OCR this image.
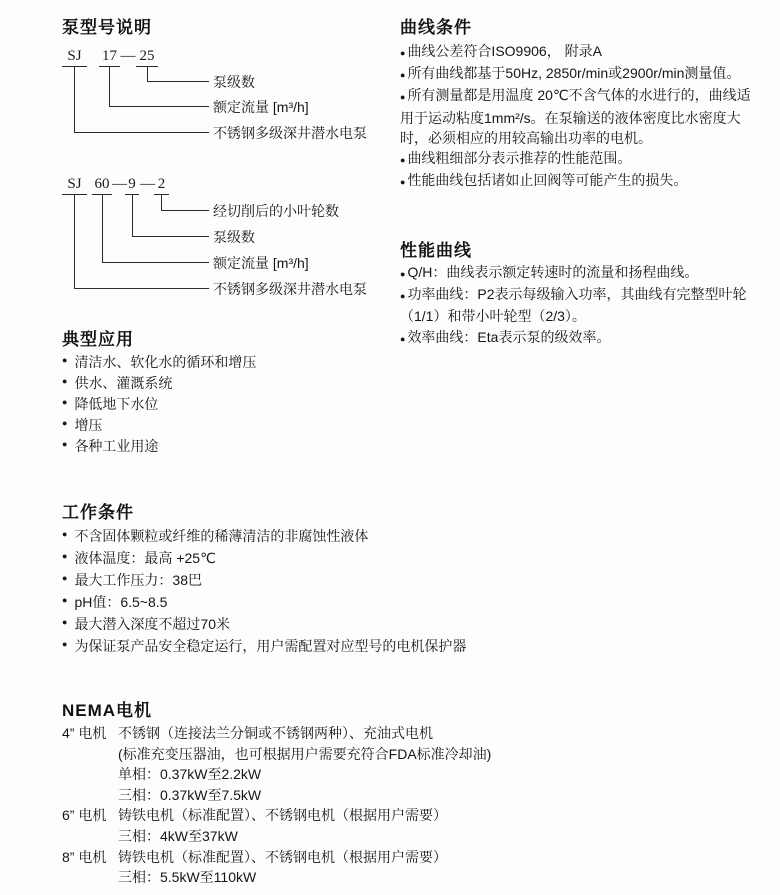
泵型号说明
SJ	17 — 25
泵级数
额定流量 [m³/h]
不锈钢多级深井潜水电泵
SJ 60 — 9 — 2
经切削后的小叶轮数
泵级数
额定流量 [m³/h]
不锈钢多级深井潜水电泵
典型应用
● 清洁水、软化水的循环和增压
● 供水、灌溉系统
● 降低地下水位
● 增压
● 各种工业用途
工作条件
● 不含固体颗粒或纤维的稀薄清洁的非腐蚀性液体
● 液体温度：最高 +25℃
● 最大工作压力：38巴
● pH值：6.5~8.5
● 最大潜入深度不超过70米
● 为保证泵产品安全稳定运行，用户需配置对应型号的电机保护器
NEMA电机
4” 电机 不锈钢（连接法兰分铜或不锈钢两种）、充油式电机
(标准充变压器油，也可根据用户需要充符合FDA标准冷却油)
单相：0.37kW至2.2kW
三相：0.37kW至7.5kW
6” 电机 铸铁电机（标准配置）、不锈钢电机（根据用户需要）
三相：4kW至37kW
8” 电机 铸铁电机（标准配置）、不锈钢电机（根据用户需要）
三相：5.5kW至110kW
曲线条件
● 曲线公差符合ISO9906， 附录A
● 所有曲线都基于50Hz, 2850r/min或2900r/min测量值。
● 所有测量都是用温度 20℃不含气体的水进行的，曲线适用于运动粘度1mm²/s。在泵输送的液体密度比水密度大时，必须相应的用较高输出功率的电机。
● 曲线粗细部分表示推荐的性能范围。
● 性能曲线包括诸如止回阀等可能产生的损失。
性能曲线
● Q/H：曲线表示额定转速时的流量和扬程曲线。
● 功率曲线：P2表示每级输入功率，其曲线有完整型叶轮（1/1）和带小叶轮型（2/3）。
● 效率曲线：Eta表示泵的级效率。
